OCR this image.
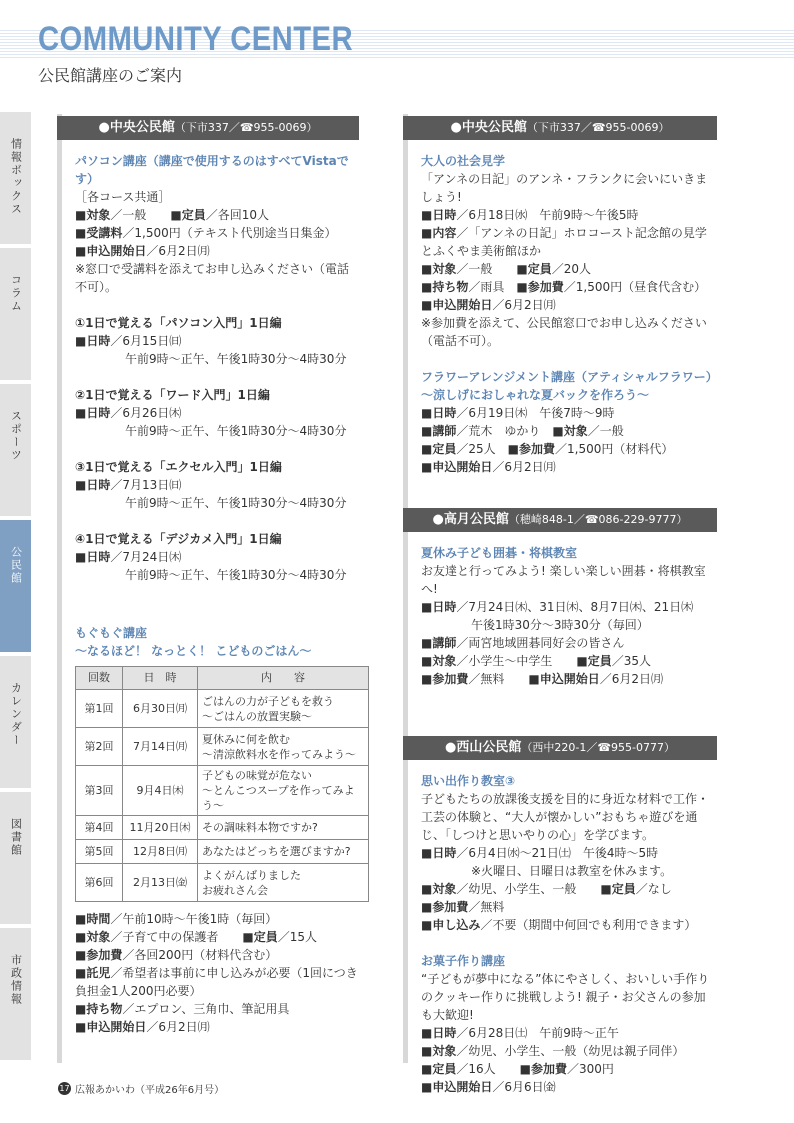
COMMUNITY CENTER
公民館講座のご案内
情報ボックス
コラム
スポーツ
公民館
カレンダー
図書館
市政情報
●中央公民館（下市337／☎955-0069）
パソコン講座（講座で使用するのはすべてVistaです）
［各コース共通］
■対象／一般　　■定員／各回10人
■受講料／1,500円（テキスト代別途当日集金）
■申込開始日／6月2日㈪
※窓口で受講料を添えてお申し込みください（電話不可）。
①1日で覚える「パソコン入門」1日編
■日時／6月15日㈰
午前9時～正午、午後1時30分～4時30分
②1日で覚える「ワード入門」1日編
■日時／6月26日㈭
午前9時～正午、午後1時30分～4時30分
③1日で覚える「エクセル入門」1日編
■日時／7月13日㈰
午前9時～正午、午後1時30分～4時30分
④1日で覚える「デジカメ入門」1日編
■日時／7月24日㈭
午前9時～正午、午後1時30分～4時30分
もぐもぐ講座
～なるほど！ なっとく！ こどものごはん～
回数	日　時	内　　容
第1回	6月30日㈪	ごはんの力が子どもを救う
～ごはんの放置実験～

第2回	7月14日㈪	夏休みに何を飲む
～清涼飲料水を作ってみよう～

第3回	9月4日㈭	子どもの味覚が危ない
～とんこつスープを作ってみよう～

第4回	11月20日㈭	その調味料本物ですか?
第5回	12月8日㈪	あなたはどっちを選びますか?
第6回	2月13日㈮	よくがんばりました
お疲れさん会
■時間／午前10時～午後1時（毎回）
■対象／子育て中の保護者　　■定員／15人
■参加費／各回200円（材料代含む）
■託児／希望者は事前に申し込みが必要（1回につき負担金1人200円必要）
■持ち物／エプロン、三角巾、筆記用具
■申込開始日／6月2日㈪
●中央公民館（下市337／☎955-0069）
大人の社会見学
「アンネの日記」のアンネ・フランクに会いにいきましょう!
■日時／6月18日㈬　午前9時～午後5時
■内容／「アンネの日記」ホロコースト記念館の見学とふくやま美術館ほか
■対象／一般　　■定員／20人
■持ち物／雨具　■参加費／1,500円（昼食代含む）
■申込開始日／6月2日㈪
※参加費を添えて、公民館窓口でお申し込みください（電話不可）。
フラワーアレンジメント講座（アティシャルフラワー）
～涼しげにおしゃれな夏バックを作ろう～
■日時／6月19日㈭　午後7時～9時
■講師／荒木　ゆかり　■対象／一般
■定員／25人　■参加費／1,500円（材料代）
■申込開始日／6月2日㈪
●高月公民館（穂崎848-1／☎086-229-9777）
夏休み子ども囲碁・将棋教室
お友達と行ってみよう! 楽しい楽しい囲碁・将棋教室へ!
■日時／7月24日㈭、31日㈭、8月7日㈭、21日㈭
午後1時30分～3時30分（毎回）
■講師／両宮地域囲碁同好会の皆さん
■対象／小学生～中学生　　■定員／35人
■参加費／無料　　■申込開始日／6月2日㈪
●西山公民館（西中220-1／☎955-0777）
思い出作り教室③
子どもたちの放課後支援を目的に身近な材料で工作・工芸の体験と、“大人が懐かしい”おもちゃ遊びを通じ、「しつけと思いやりの心」を学びます。
■日時／6月4日㈬～21日㈯　午後4時～5時
※火曜日、日曜日は教室を休みます。
■対象／幼児、小学生、一般　　■定員／なし
■参加費／無料
■申し込み／不要（期間中何回でも利用できます）
お菓子作り講座
“子どもが夢中になる”体にやさしく、おいしい手作りのクッキー作りに挑戦しよう! 親子・お父さんの参加も大歓迎!
■日時／6月28日㈯　午前9時～正午
■対象／幼児、小学生、一般（幼児は親子同伴）
■定員／16人　　■参加費／300円
■申込開始日／6月6日㈮
17 広報あかいわ（平成26年6月号）
